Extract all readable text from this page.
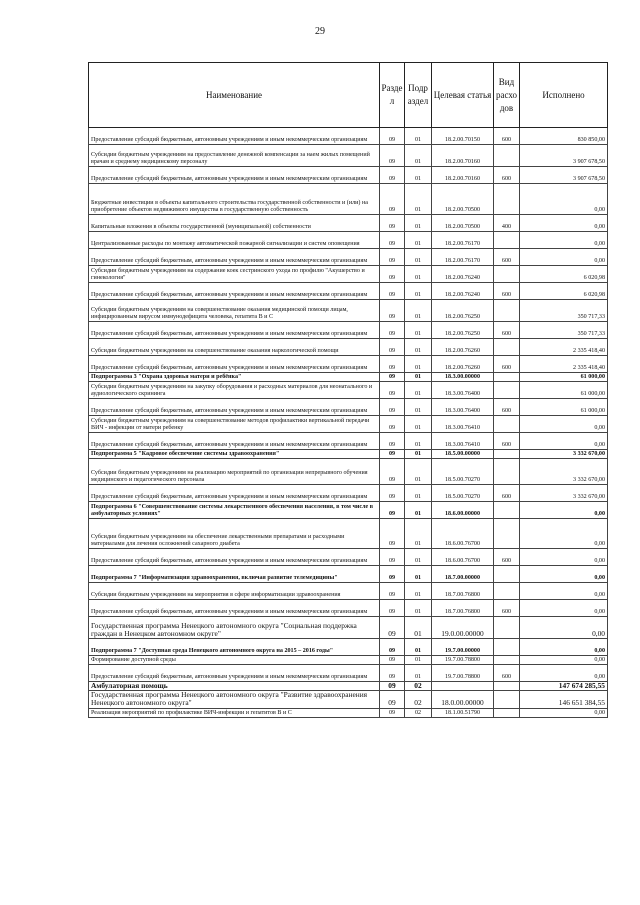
29
Наименование	Разде л	Подр аздел	Целевая статья	Вид расхо дов	Исполнено
Предоставление субсидий бюджетным, автономным учреждениям и иным некоммерческим организациям	09	01	18.2.00.70150	600	830 850,00
Субсидии бюджетным учреждениям на предоставление денежной компенсации за наем жилых помещений врачам и среднему медицинскому персоналу	09	01	18.2.00.70160		3 907 678,50
Предоставление субсидий бюджетным, автономным учреждениям и иным некоммерческим организациям	09	01	18.2.00.70160	600	3 907 678,50
Бюджетные инвестиции в объекты капитального строительства государственной собственности и (или) на приобретение объектов недвижимого имущества в государственную собственность	09	01	18.2.00.70500		0,00
Капитальные вложения в объекты государственной (муниципальной) собственности	09	01	18.2.00.70500	400	0,00
Централизованные расходы по монтажу автоматической пожарной сигнализации и систем оповещения	09	01	18.2.00.76170		0,00
Предоставление субсидий бюджетным, автономным учреждениям и иным некоммерческим организациям	09	01	18.2.00.76170	600	0,00
Субсидии бюджетным учреждениям на содержание коек сестринского ухода по профилю "Акушерство и гинекология"	09	01	18.2.00.76240		6 020,98
Предоставление субсидий бюджетным, автономным учреждениям и иным некоммерческим организациям	09	01	18.2.00.76240	600	6 020,98
Субсидии бюджетным учреждениям на совершенствование оказания медицинской помощи лицам, инфицированным вирусом иммунодефицита человека, гепатита В и С	09	01	18.2.00.76250		350 717,33
Предоставление субсидий бюджетным, автономным учреждениям и иным некоммерческим организациям	09	01	18.2.00.76250	600	350 717,33
Субсидии бюджетным учреждениям на совершенствование оказания наркологической помощи	09	01	18.2.00.76260		2 335 418,40
Предоставление субсидий бюджетным, автономным учреждениям и иным некоммерческим организациям	09	01	18.2.00.76260	600	2 335 418,40
Подпрограмма 3 "Охрана здоровья матери и ребёнка"	09	01	18.3.00.00000		61 000,00
Субсидии бюджетным учреждениям на закупку оборудования и расходных материалов для неонатального и аудиологического скрининга	09	01	18.3.00.76400		61 000,00
Предоставление субсидий бюджетным, автономным учреждениям и иным некоммерческим организациям	09	01	18.3.00.76400	600	61 000,00
Субсидии бюджетным учреждениям на совершенствование методов профилактики вертикальной передачи ВИЧ - инфекции от матери ребенку	09	01	18.3.00.76410		0,00
Предоставление субсидий бюджетным, автономным учреждениям и иным некоммерческим организациям	09	01	18.3.00.76410	600	0,00
Подпрограмма 5 "Кадровое обеспечение системы здравоохранения"	09	01	18.5.00.00000		3 332 670,00
Субсидии бюджетным учреждениям на реализацию мероприятий по организации непрерывного обучения медицинского и педагогического персонала	09	01	18.5.00.70270		3 332 670,00
Предоставление субсидий бюджетным, автономным учреждениям и иным некоммерческим организациям	09	01	18.5.00.70270	600	3 332 670,00
Подпрограмма 6 "Совершенствование системы лекарственного обеспечения населения, в том числе в амбулаторных условиях"	09	01	18.6.00.00000		0,00
Субсидии бюджетным учреждениям на обеспечение лекарственными препаратами и расходными материалами для лечения осложнений сахарного диабета	09	01	18.6.00.76700		0,00
Предоставление субсидий бюджетным, автономным учреждениям и иным некоммерческим организациям	09	01	18.6.00.76700	600	0,00
Подпрограмма 7 "Информатизация здравоохранения, включая развитие телемедицины"	09	01	18.7.00.00000		0,00
Субсидии бюджетным учреждениям на мероприятия в сфере информатизации здравоохранения	09	01	18.7.00.76800		0,00
Предоставление субсидий бюджетным, автономным учреждениям и иным некоммерческим организациям	09	01	18.7.00.76800	600	0,00
Государственная программа Ненецкого автономного округа "Социальная поддержка граждан в Ненецком автономном округе"	09	01	19.0.00.00000		0,00
Подпрограмма 7 "Доступная среда Ненецкого автономного округа на 2015 – 2016 годы"	09	01	19.7.00.00000		0,00
Формирование доступной среды	09	01	19.7.00.78800		0,00
Предоставление субсидий бюджетным, автономным учреждениям и иным некоммерческим организациям	09	01	19.7.00.78800	600	0,00
Амбулаторная помощь	09	02			147 674 285,55
Государственная программа Ненецкого автономного округа "Развитие здравоохранения Ненецкого автономного округа"	09	02	18.0.00.00000		146 651 384,55
Реализация мероприятий по профилактике ВИЧ-инфекции и гепатитов В и С	09	02	18.1.00.51790		0,00
